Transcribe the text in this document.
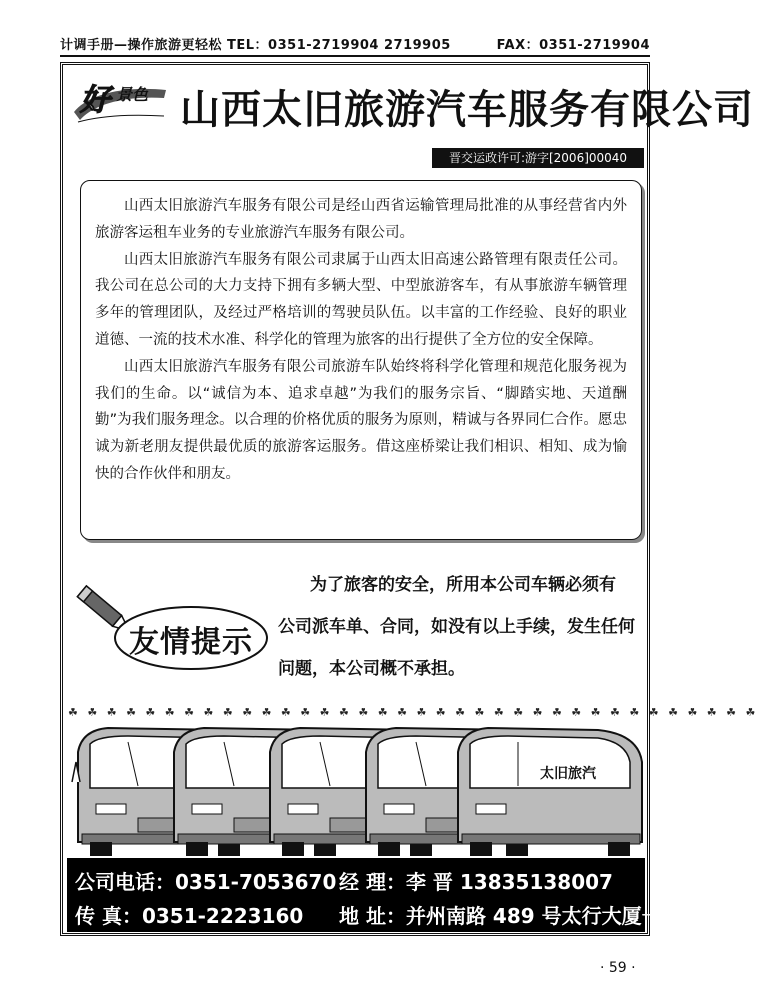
计调手册—操作旅游更轻松 TEL：0351-2719904 2719905	FAX：0351-2719904
好 景色 山西太旧旅游汽车服务有限公司
晋交运政许可:游字[2006]00040

山西太旧旅游汽车服务有限公司是经山西省运输管理局批准的从事经营省内外旅游客运租车业务的专业旅游汽车服务有限公司。

山西太旧旅游汽车服务有限公司隶属于山西太旧高速公路管理有限责任公司。我公司在总公司的大力支持下拥有多辆大型、中型旅游客车，有从事旅游车辆管理多年的管理团队，及经过严格培训的驾驶员队伍。以丰富的工作经验、良好的职业道德、一流的技术水准、科学化的管理为旅客的出行提供了全方位的安全保障。

山西太旧旅游汽车服务有限公司旅游车队始终将科学化管理和规范化服务视为我们的生命。以“诚信为本、追求卓越”为我们的服务宗旨、“脚踏实地、天道酬勤”为我们服务理念。以合理的价格优质的服务为原则，精诚与各界同仁合作。愿忠诚为新老朋友提供最优质的旅游客运服务。借这座桥梁让我们相识、相知、成为愉快的合作伙伴和朋友。

友情提示
为了旅客的安全，所用本公司车辆必须有
公司派车单、合同，如没有以上手续，发生任何
问题，本公司概不承担。
☘ ☘ ☘ ☘ ☘ ☘ ☘ ☘ ☘ ☘ ☘ ☘ ☘ ☘ ☘ ☘ ☘ ☘ ☘ ☘ ☘ ☘ ☘ ☘ ☘ ☘ ☘ ☘ ☘ ☘ ☘ ☘ ☘ ☘ ☘ ☘
太旧旅汽
公司电话：0351-7053670 经 理：李 晋 13835138007
传 真：0351-2223160 地 址：并州南路 489 号太行大厦一层
· 59 ·
